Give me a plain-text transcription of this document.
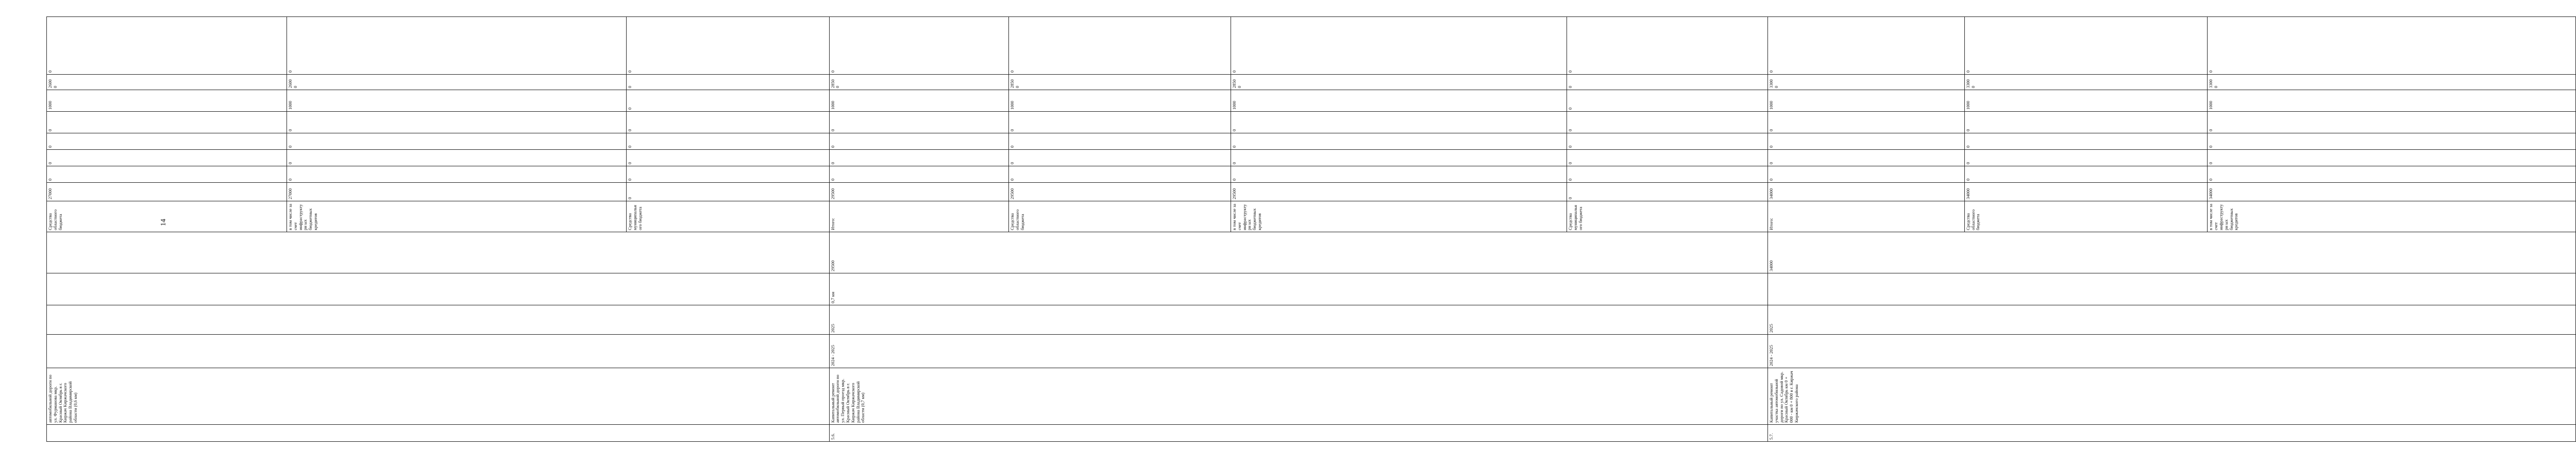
14
	автомобильной дороги по ул. Фурманова мкр. Красный Октябрь в г. Киржач Киржачского района Владимирской области (0,6 км)					Средства областного бюджета	27000	0	0	0	0	1000	2600 0	0	
						в том числе за счет инфраструктурн ых бюджетных кредитов	27000	0	0	0	0	1000	2600 0	0	
						Средства муниципального бюджета	0	0	0	0	0	0	0	0	
5.6.	Капитальный ремонт автомобильной дороги по ул. Первый проезд мкр. Красный Октябрь в г. Киржач Киржачского района Владимирской области (0,7 км)	2024 - 2025	2025	0,7 км	29500	Итого:	29500	0	0	0	0	1000	2850 0	0	
						Средства областного бюджета	29500	0	0	0	0	1000	2850 0	0	
						в том числе за счет инфраструктурн ых бюджетных кредитов	29500	0	0	0	0	1000	2850 0	0	
						Средства муниципального бюджета	0	0	0	0	0	0	0	0	
5.7.	Капитальный ремонт участка автомобильной дороги по ул. Садовой мкр. Красный Октябрь км 0 + 000 - км 0 + 800 в г. Киржач Киржачского района	2024 - 2025	2025		34000	Итого:	34000	0	0	0	0	1000	3300 0	0	
						Средства областного бюджета	34000	0	0	0	0	1000	3300 0	0	
						в том числе за счет инфраструктурн ых бюджетных кредитов	34000	0	0	0	0	1000	3300 0	0	
